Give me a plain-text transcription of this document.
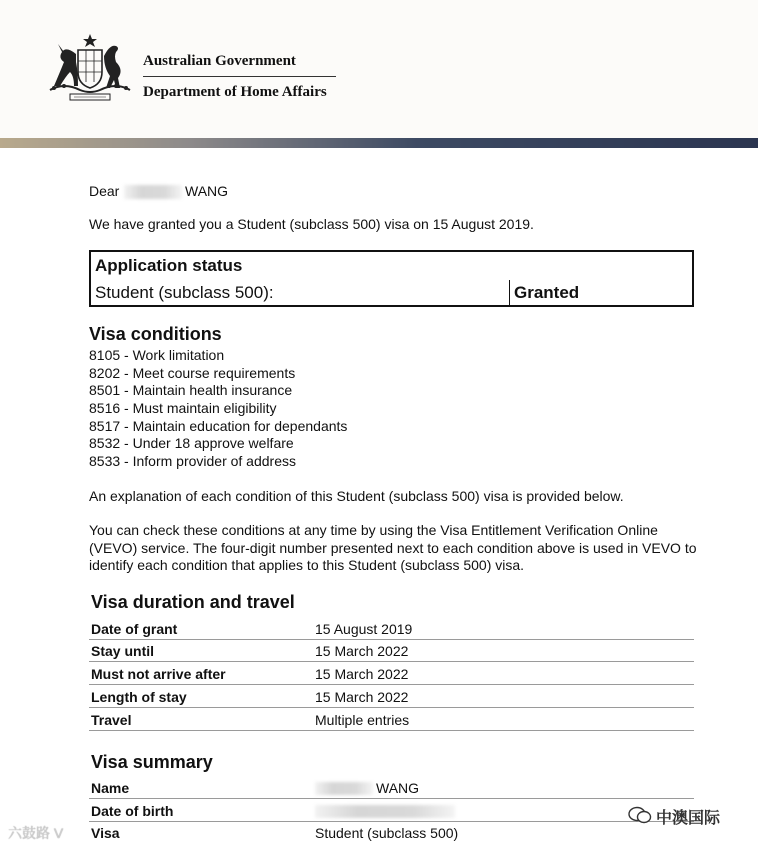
Australian Government
Department of Home Affairs
Dear	WANG
We have granted you a Student (subclass 500) visa on 15 August 2019.
Application status
Student (subclass 500):	Granted
Visa conditions
8105 - Work limitation
8202 - Meet course requirements
8501 - Maintain health insurance
8516 - Must maintain eligibility
8517 - Maintain education for dependants
8532 - Under 18 approve welfare
8533 - Inform provider of address
An explanation of each condition of this Student (subclass 500) visa is provided below.
You can check these conditions at any time by using the Visa Entitlement Verification Online (VEVO) service. The four-digit number presented next to each condition above is used in VEVO to identify each condition that applies to this Student (subclass 500) visa.
Visa duration and travel
Date of grant	15 August 2019
Stay until	15 March 2022
Must not arrive after	15 March 2022
Length of stay	15 March 2022
Travel	Multiple entries
Visa summary
Name	WANG
Date of birth
Visa	Student (subclass 500)
六鼓路 V
中澳国际
